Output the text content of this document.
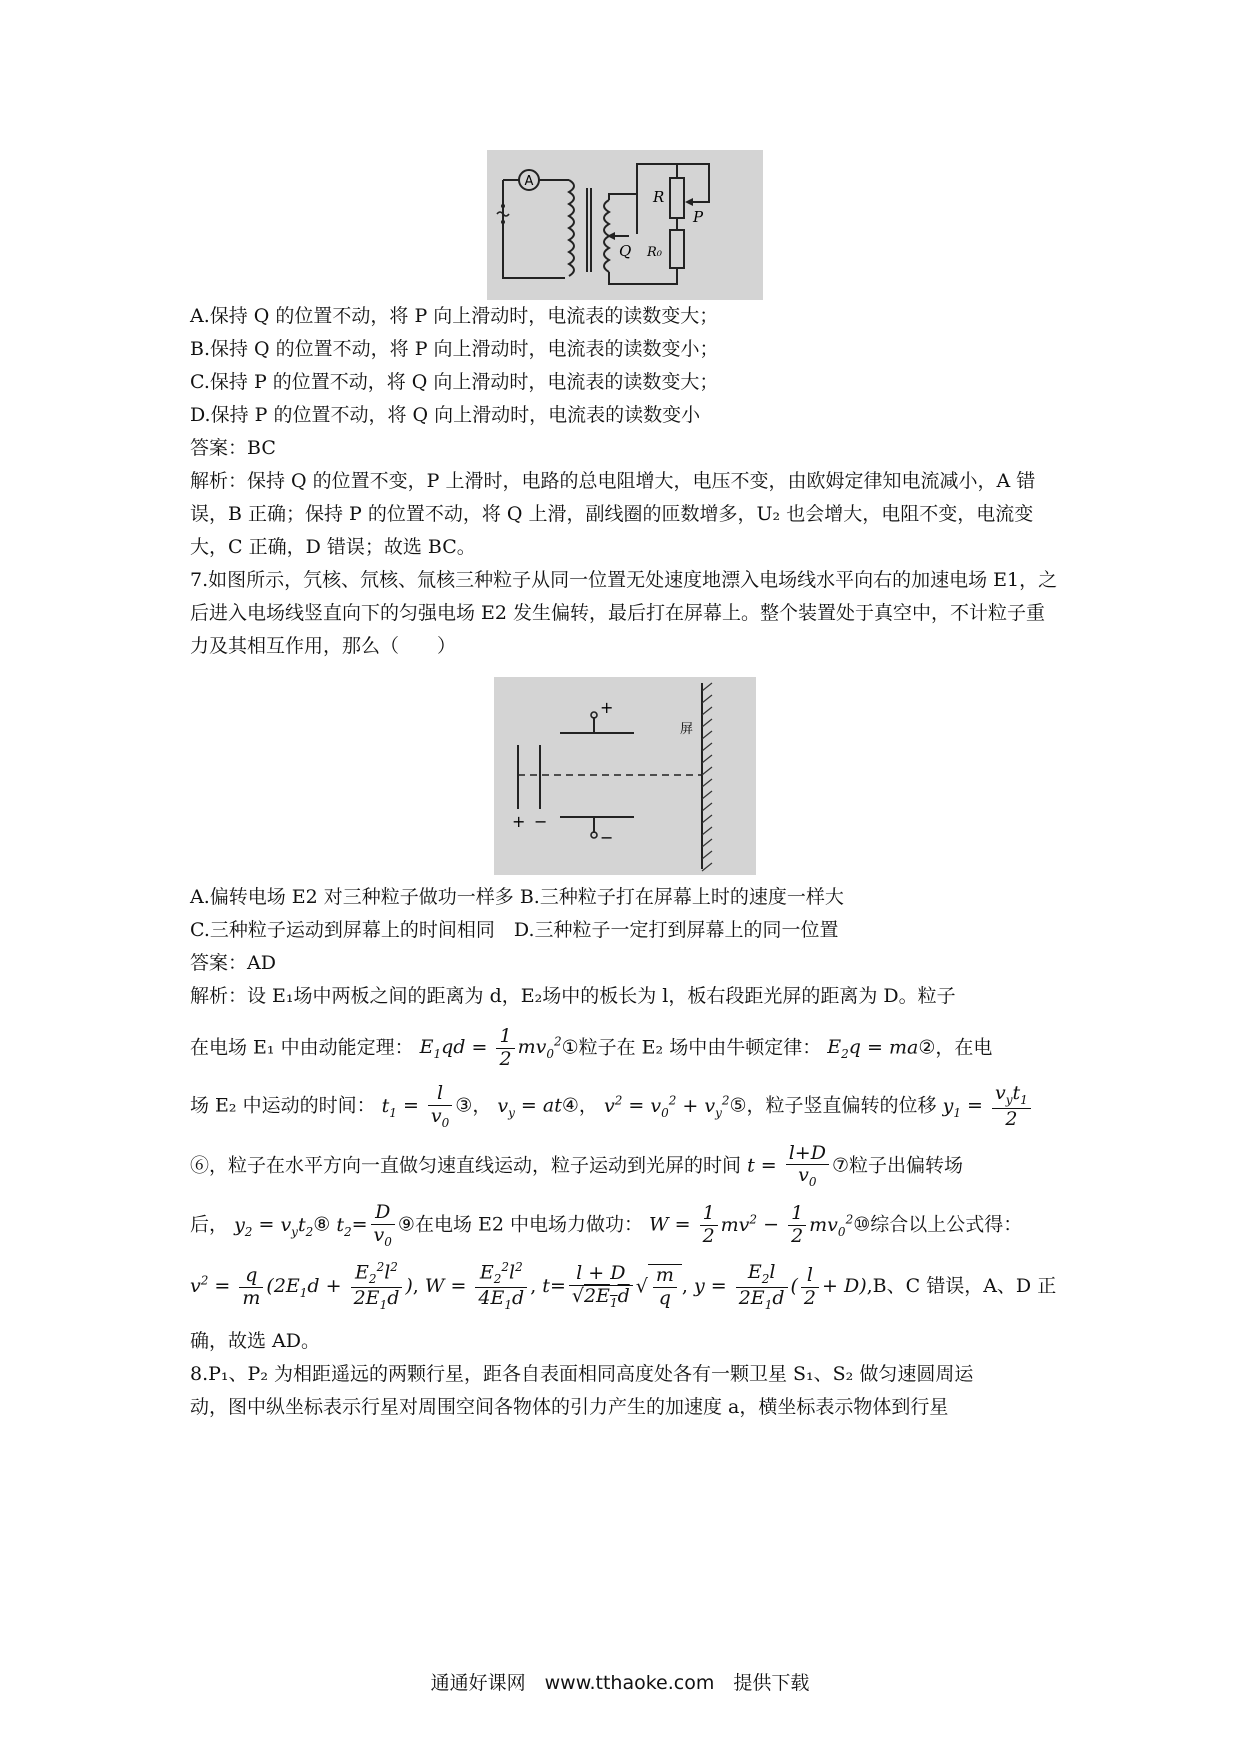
A
R
P
Q R₀
A.保持 Q 的位置不动，将 P 向上滑动时，电流表的读数变大；
B.保持 Q 的位置不动，将 P 向上滑动时，电流表的读数变小；
C.保持 P 的位置不动，将 Q 向上滑动时，电流表的读数变大；
D.保持 P 的位置不动，将 Q 向上滑动时，电流表的读数变小
答案：BC
解析：保持 Q 的位置不变，P 上滑时，电路的总电阻增大，电压不变，由欧姆定律知电流减小，A 错误，B 正确；保持 P 的位置不动，将 Q 上滑，副线圈的匝数增多，U₂ 也会增大，电阻不变，电流变大，C 正确，D 错误；故选 BC。
7.如图所示，氕核、氘核、氚核三种粒子从同一位置无处速度地漂入电场线水平向右的加速电场 E1，之后进入电场线竖直向下的匀强电场 E2 发生偏转，最后打在屏幕上。整个装置处于真空中，不计粒子重力及其相互作用，那么（　　）
+
−
+ −
屏
A.偏转电场 E2 对三种粒子做功一样多 B.三种粒子打在屏幕上时的速度一样大
C.三种粒子运动到屏幕上的时间相同　D.三种粒子一定打到屏幕上的同一位置
答案：AD
解析：设 E₁场中两板之间的距离为 d，E₂场中的板长为 l，板右段距光屏的距离为 D。粒子
在电场 E₁ 中由动能定理： $E_1qd = \frac{1}{2}$ $mv_0^2①$粒子在 E₂ 场中由牛顿定律： $E_2q$ = ma②，在电
场 E₂ 中运动的时间： $t_1 = \frac{l}{v_0}$ ③， $v_y$ = at④， $v^2 = v_0^2$ + $v_y^2⑤$，粒子竖直偏转的位移 $y_1 = \frac{v_yt_1}{2}$
⑥，粒子在水平方向一直做匀速直线运动，粒子运动到光屏的时间 $t = \frac{l+D}{v_0}$ ⑦粒子出偏转场
后， $y_2$ = $v_yt_2⑧$ $t_2= \frac{D}{v_0}$ ⑨在电场 E2 中电场力做功： $W = \frac{1}{2} mv^2 - \frac{1}{2}$ $mv_0^2⑩$综合以上公式得：
$v^2 = \frac{q}{m} (2E_1d + \frac{E_2^2l^2}{2E_1d}$ ), $W = \frac{E_2^2l^2}{4E_1d}$ , $t= \frac{l + D}{√2E_1d}$ √ $\frac{m}{q}$ , $y = \frac{E_2l}{2E_1d}$ ( $\frac{l}{2} + D),B$、C 错误，A、D 正
确，故选 AD。
8.P₁、P₂ 为相距遥远的两颗行星，距各自表面相同高度处各有一颗卫星 S₁、S₂ 做匀速圆周运
动，图中纵坐标表示行星对周围空间各物体的引力产生的加速度 a，横坐标表示物体到行星
通通好课网　www.tthaoke.com　提供下载
